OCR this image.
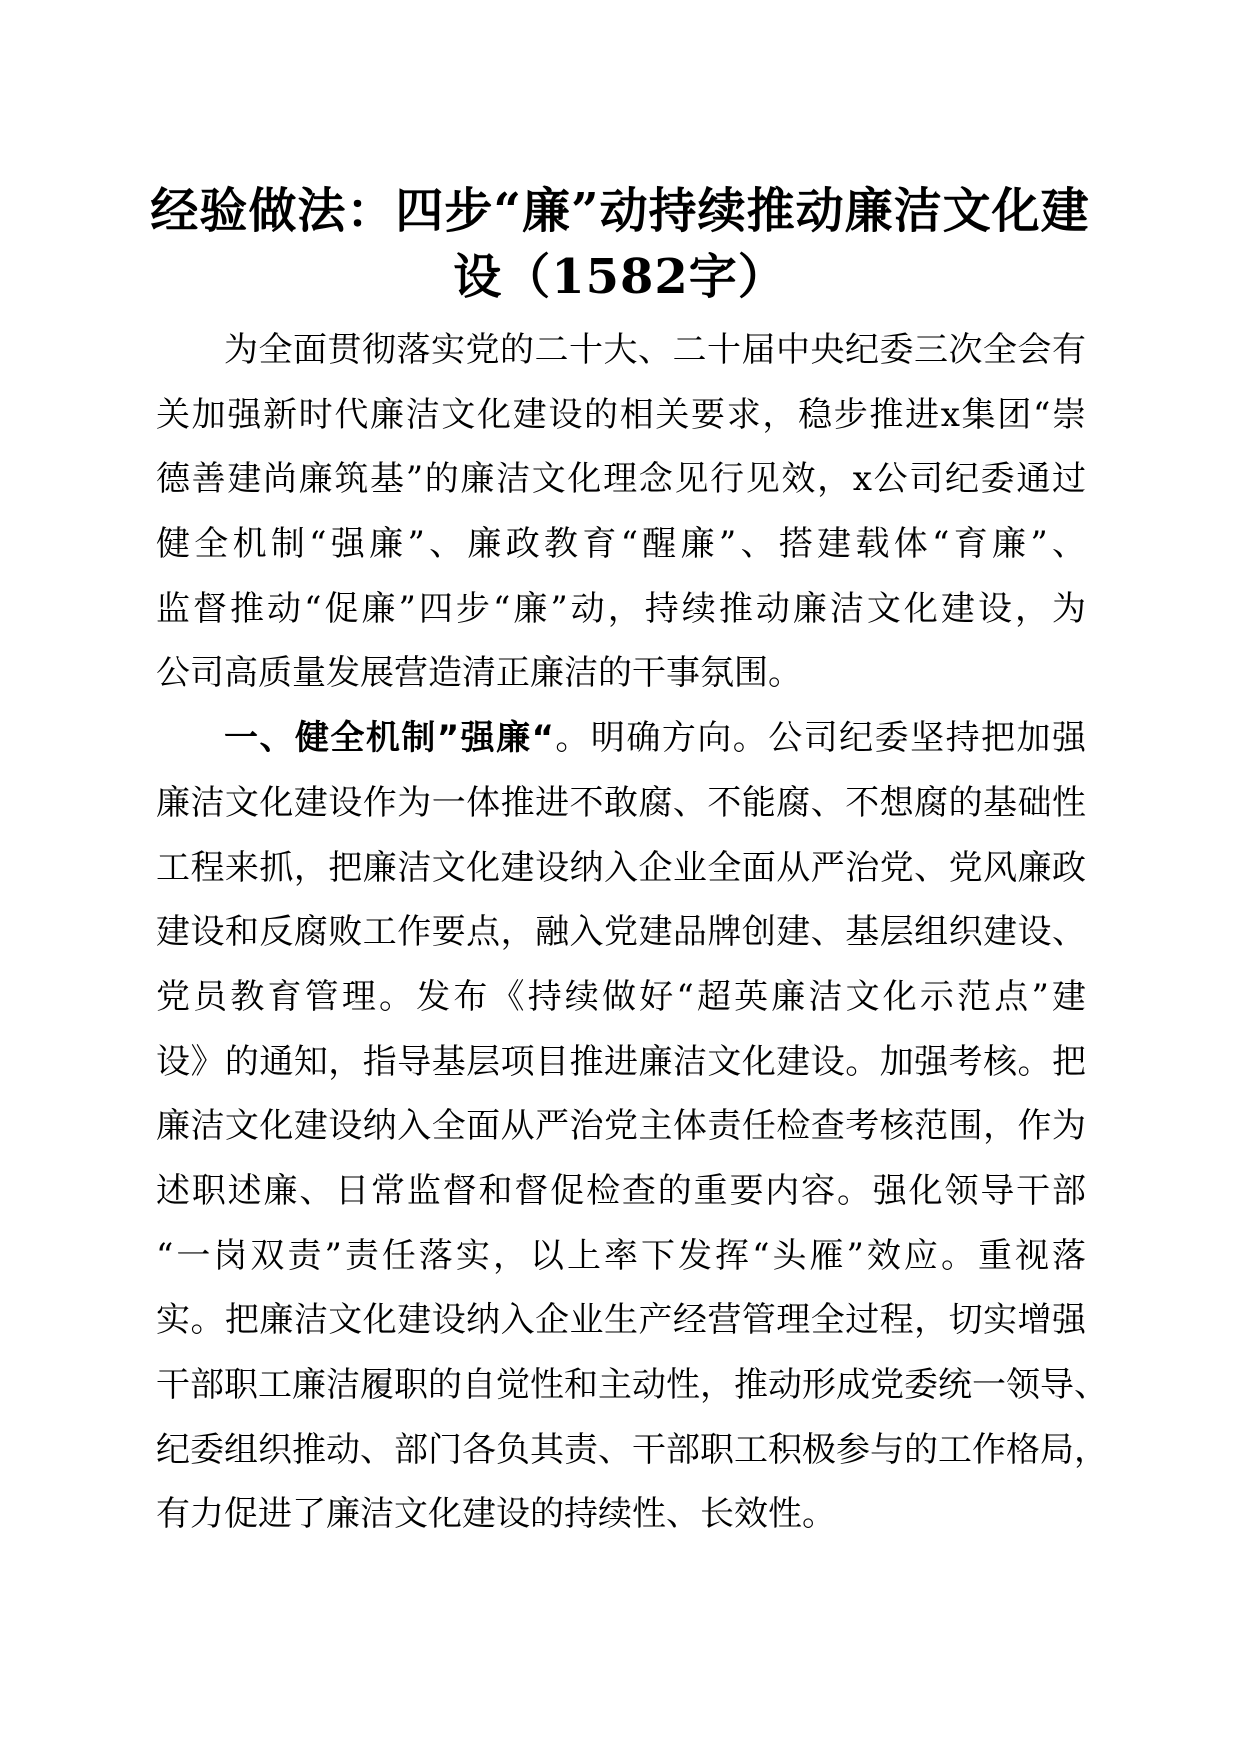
经验做法：四步“廉”动持续推动廉洁文化建
设（1582字）
为全面贯彻落实党的二十大、二十届中央纪委三次全会有
关加强新时代廉洁文化建设的相关要求，稳步推进x集团“崇
德善建尚廉筑基”的廉洁文化理念见行见效，x公司纪委通过
健全机制“强廉”、廉政教育“醒廉”、搭建载体“育廉”、
监督推动“促廉”四步“廉”动，持续推动廉洁文化建设，为
公司高质量发展营造清正廉洁的干事氛围。
一、健全机制”强廉“。明确方向。公司纪委坚持把加强
廉洁文化建设作为一体推进不敢腐、不能腐、不想腐的基础性
工程来抓，把廉洁文化建设纳入企业全面从严治党、党风廉政
建设和反腐败工作要点，融入党建品牌创建、基层组织建设、
党员教育管理。发布《持续做好“超英廉洁文化示范点”建
设》的通知，指导基层项目推进廉洁文化建设。加强考核。把
廉洁文化建设纳入全面从严治党主体责任检查考核范围，作为
述职述廉、日常监督和督促检查的重要内容。强化领导干部
“一岗双责”责任落实，以上率下发挥“头雁”效应。重视落
实。把廉洁文化建设纳入企业生产经营管理全过程，切实增强
干部职工廉洁履职的自觉性和主动性，推动形成党委统一领导、
纪委组织推动、部门各负其责、干部职工积极参与的工作格局，
有力促进了廉洁文化建设的持续性、长效性。
